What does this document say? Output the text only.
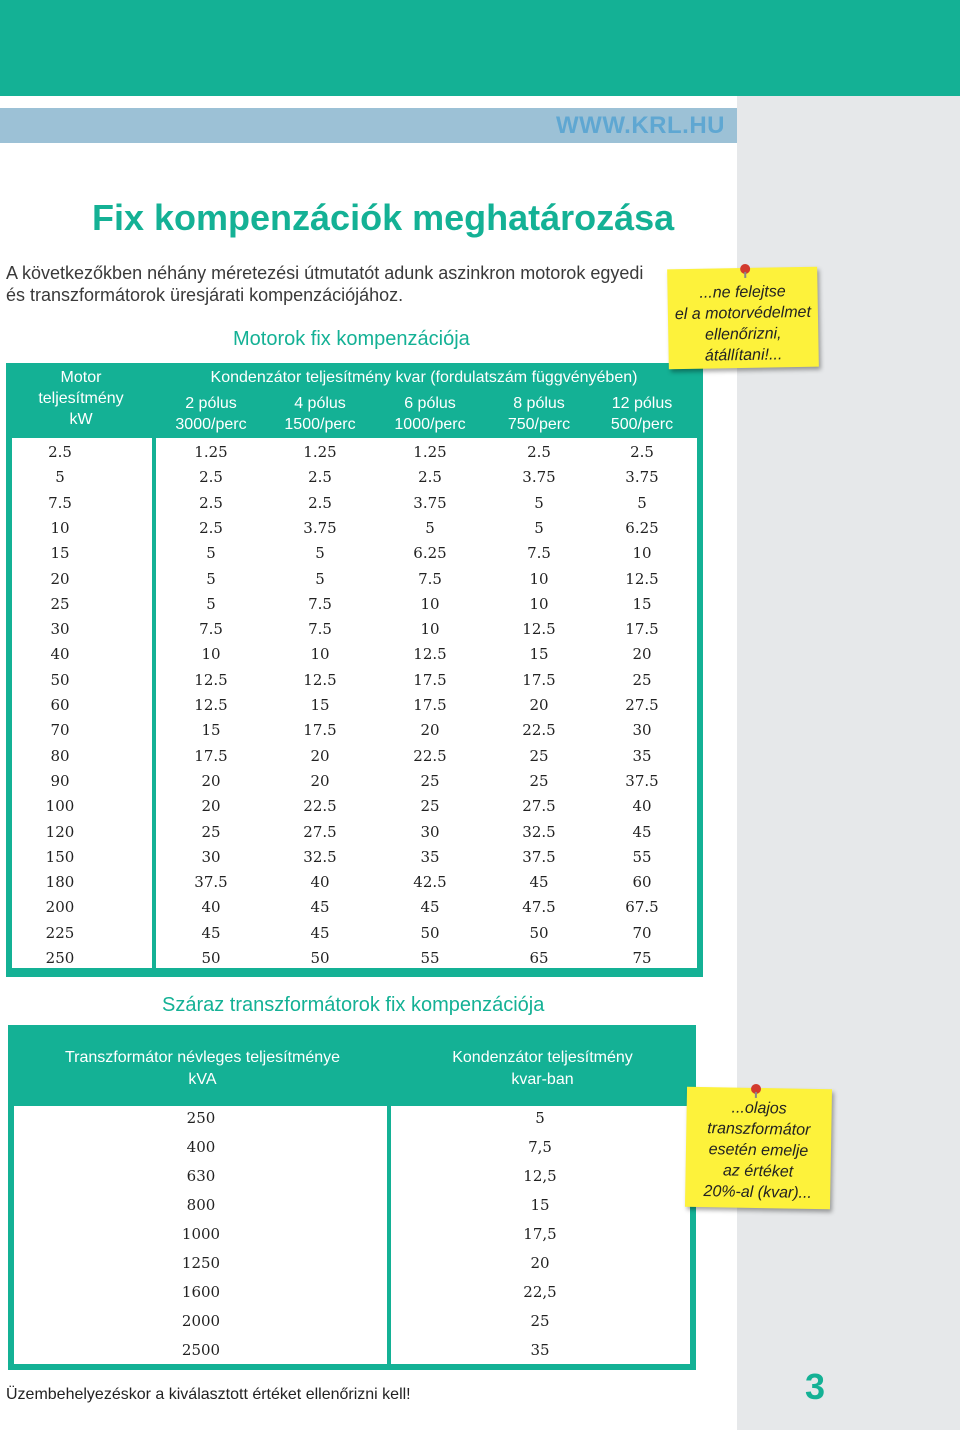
WWW.KRL.HU
Fix kompenzációk meghatározása
A következőkben néhány méretezési útmutatót adunk aszinkron motorok egyedi
és transzformátorok üresjárati kompenzációjához.
Motorok fix kompenzációja
Motor
teljesítmény
kW
Kondenzátor teljesítmény kvar (fordulatszám függvényében)
2 pólus
3000/perc
4 pólus
1500/perc
6 pólus
1000/perc
8 pólus
750/perc
12 pólus
500/perc
2.5	1.25	1.25	1.25	2.5	2.5
5	2.5	2.5	2.5	3.75	3.75
7.5	2.5	2.5	3.75	5	5
10	2.5	3.75	5	5	6.25
15	5	5	6.25	7.5	10
20	5	5	7.5	10	12.5
25	5	7.5	10	10	15
30	7.5	7.5	10	12.5	17.5
40	10	10	12.5	15	20
50	12.5	12.5	17.5	17.5	25
60	12.5	15	17.5	20	27.5
70	15	17.5	20	22.5	30
80	17.5	20	22.5	25	35
90	20	20	25	25	37.5
100	20	22.5	25	27.5	40
120	25	27.5	30	32.5	45
150	30	32.5	35	37.5	55
180	37.5	40	42.5	45	60
200	40	45	45	47.5	67.5
225	45	45	50	50	70
250	50	50	55	65	75
Száraz transzformátorok fix kompenzációja
Transzformátor névleges teljesítménye
kVA
Kondenzátor teljesítmény
kvar-ban
250	5
400	7,5
630	12,5
800	15
1000	17,5
1250	20
1600	22,5
2000	25
2500	35
...ne felejtse
el a motorvédelmet
ellenőrizni,
átállítani!...
...olajos
transzformátor
esetén emelje
az értéket
20%-al (kvar)...
Üzembehelyezéskor a kiválasztott értéket ellenőrizni kell!	3
